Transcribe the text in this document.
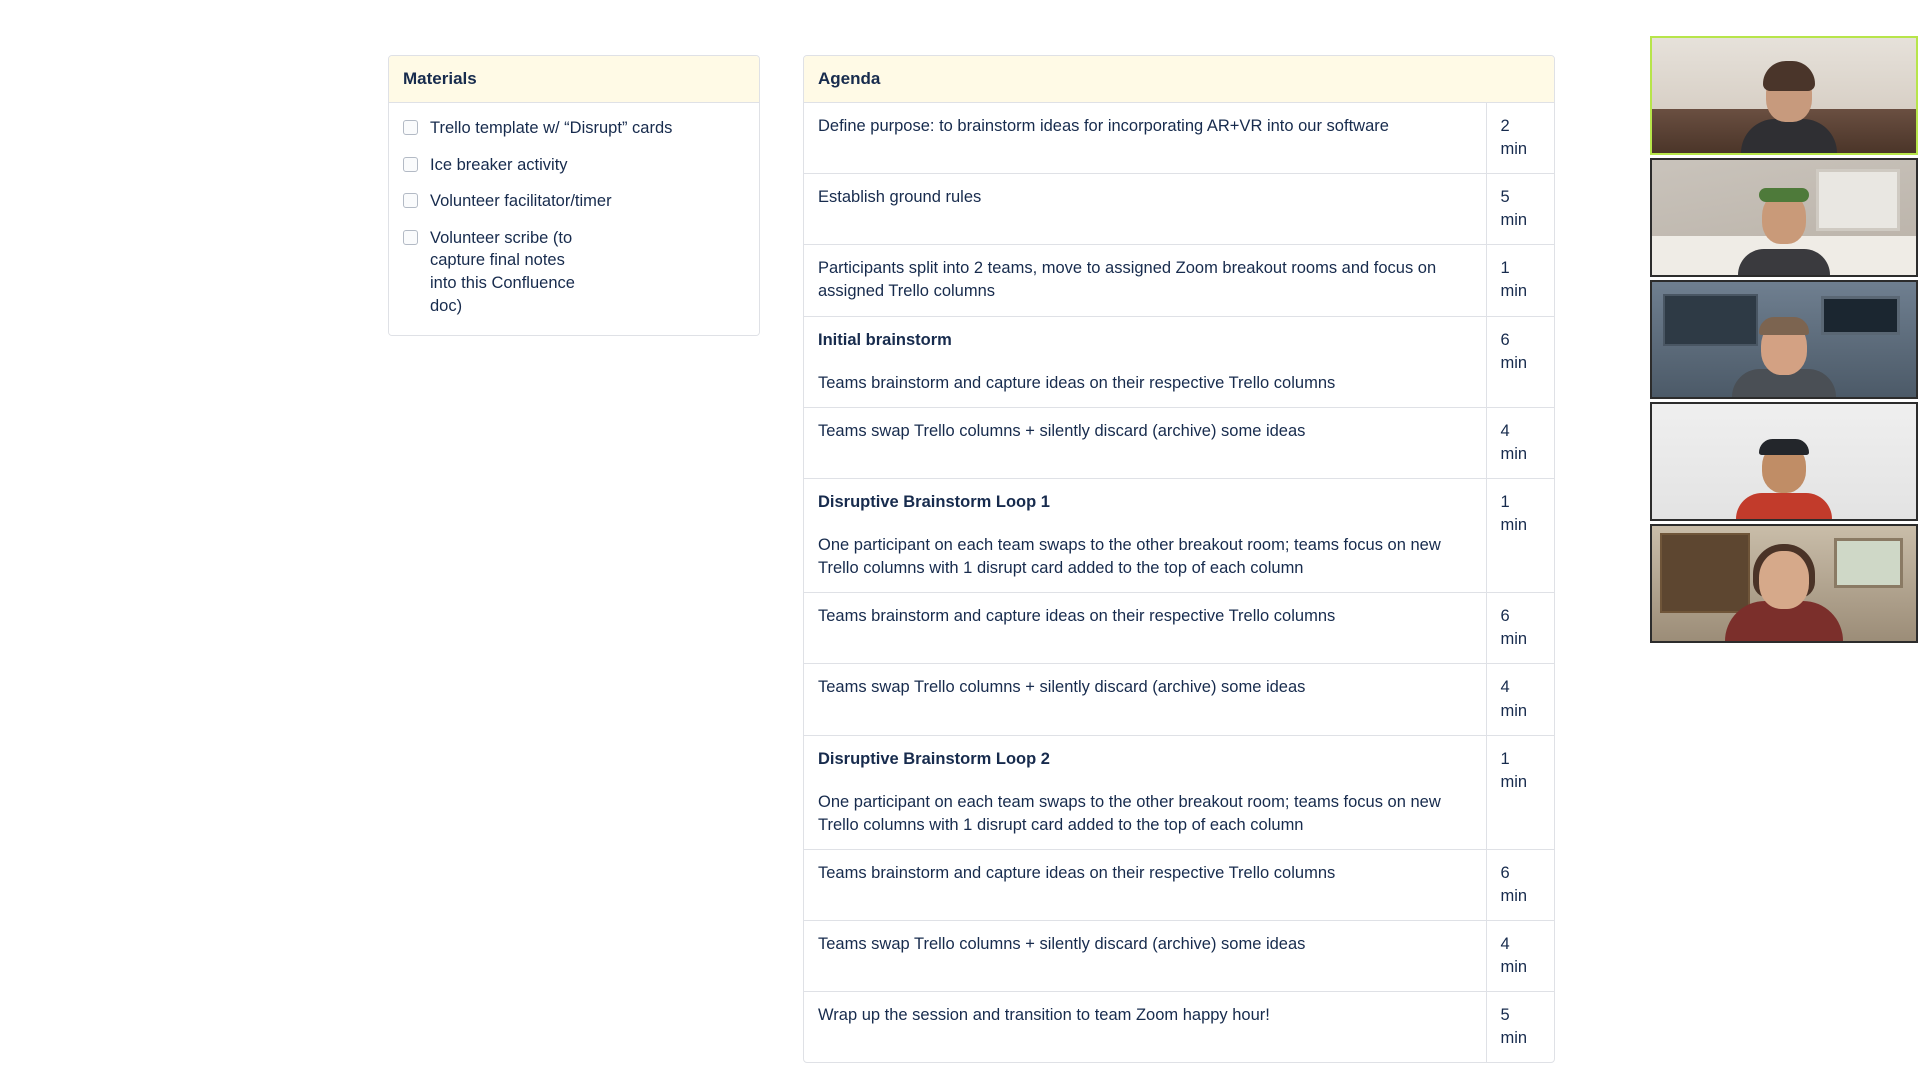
Materials
Trello template w/ “Disrupt” cards
Ice breaker activity
Volunteer facilitator/timer
Volunteer scribe (to capture final notes into this Confluence doc)
Agenda
Define purpose: to brainstorm ideas for incorporating AR+VR into our software	2 min
Establish ground rules	5 min
Participants split into 2 teams, move to assigned Zoom breakout rooms and focus on assigned Trello columns	1 min

Initial brainstorm

Teams brainstorm and capture ideas on their respective Trello columns	6 min
Teams swap Trello columns + silently discard (archive) some ideas	4 min

Disruptive Brainstorm Loop 1

One participant on each team swaps to the other breakout room; teams focus on new Trello columns with 1 disrupt card added to the top of each column	1 min
Teams brainstorm and capture ideas on their respective Trello columns	6 min
Teams swap Trello columns + silently discard (archive) some ideas	4 min

Disruptive Brainstorm Loop 2

One participant on each team swaps to the other breakout room; teams focus on new Trello columns with 1 disrupt card added to the top of each column	1 min
Teams brainstorm and capture ideas on their respective Trello columns	6 min
Teams swap Trello columns + silently discard (archive) some ideas	4 min
Wrap up the session and transition to team Zoom happy hour!	5 min
